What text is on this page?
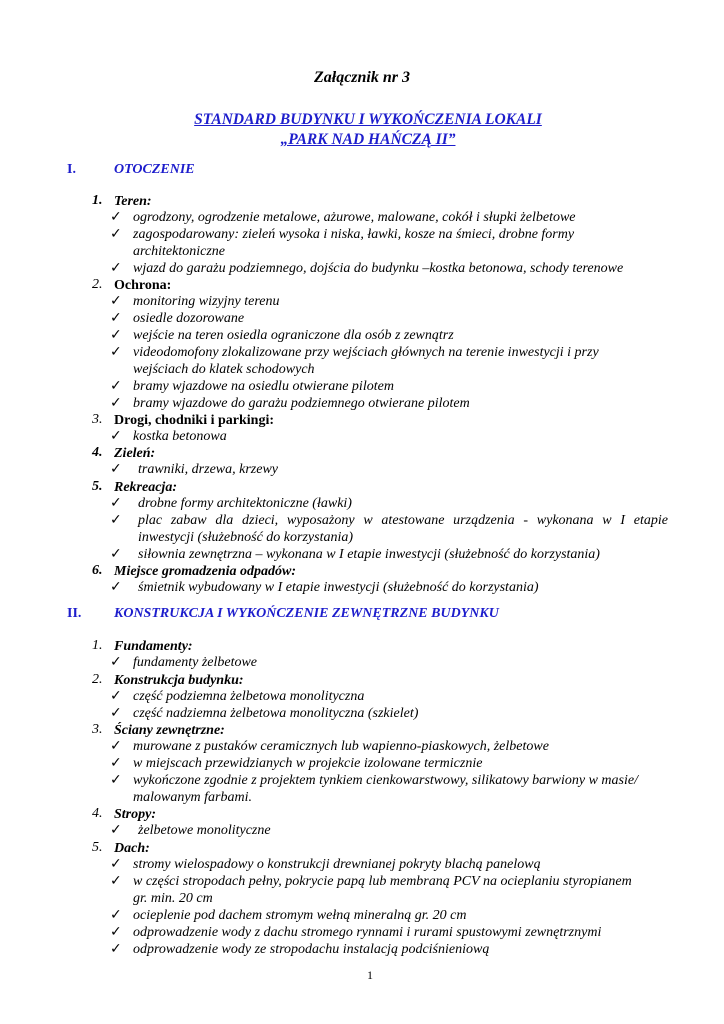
Załącznik nr 3
STANDARD BUDYNKU I WYKOŃCZENIA LOKALI
„PARK NAD HAŃCZĄ II”
I.	OTOCZENIE
1. Teren:
✓ ogrodzony, ogrodzenie metalowe, ażurowe, malowane, cokół i słupki żelbetowe
✓ zagospodarowany: zieleń wysoka i niska, ławki, kosze na śmieci, drobne formy
architektoniczne
✓ wjazd do garażu podziemnego, dojścia do budynku –kostka betonowa, schody terenowe
2. Ochrona:
✓ monitoring wizyjny terenu
✓ osiedle dozorowane
✓ wejście na teren osiedla ograniczone dla osób z zewnątrz
✓ videodomofony zlokalizowane przy wejściach głównych na terenie inwestycji i przy
wejściach do klatek schodowych
✓ bramy wjazdowe na osiedlu otwierane pilotem
✓ bramy wjazdowe do garażu podziemnego otwierane pilotem
3. Drogi, chodniki i parkingi:
✓ kostka betonowa
4. Zieleń:
✓ trawniki, drzewa, krzewy
5. Rekreacja:
✓ drobne formy architektoniczne (ławki)
✓ plac zabaw dla dzieci, wyposażony w atestowane urządzenia - wykonana w I etapie
inwestycji (służebność do korzystania)
✓ siłownia zewnętrzna – wykonana w I etapie inwestycji (służebność do korzystania)
6. Miejsce gromadzenia odpadów:
✓ śmietnik wybudowany w I etapie inwestycji (służebność do korzystania)
II. KONSTRUKCJA I WYKOŃCZENIE ZEWNĘTRZNE BUDYNKU
1. Fundamenty:
✓ fundamenty żelbetowe
2. Konstrukcja budynku:
✓ część podziemna żelbetowa monolityczna
✓ część nadziemna żelbetowa monolityczna (szkielet)
3. Ściany zewnętrzne:
✓ murowane z pustaków ceramicznych lub wapienno-piaskowych, żelbetowe
✓ w miejscach przewidzianych w projekcie izolowane termicznie
✓ wykończone zgodnie z projektem tynkiem cienkowarstwowy, silikatowy barwiony w masie/
malowanym farbami.
4. Stropy:
✓ żelbetowe monolityczne
5. Dach:
✓ stromy wielospadowy o konstrukcji drewnianej pokryty blachą panelową
✓ w części stropodach pełny, pokrycie papą lub membraną PCV na ocieplaniu styropianem
gr. min. 20 cm
✓ ocieplenie pod dachem stromym wełną mineralną gr. 20 cm
✓ odprowadzenie wody z dachu stromego rynnami i rurami spustowymi zewnętrznymi
✓ odprowadzenie wody ze stropodachu instalacją podciśnieniową
1
